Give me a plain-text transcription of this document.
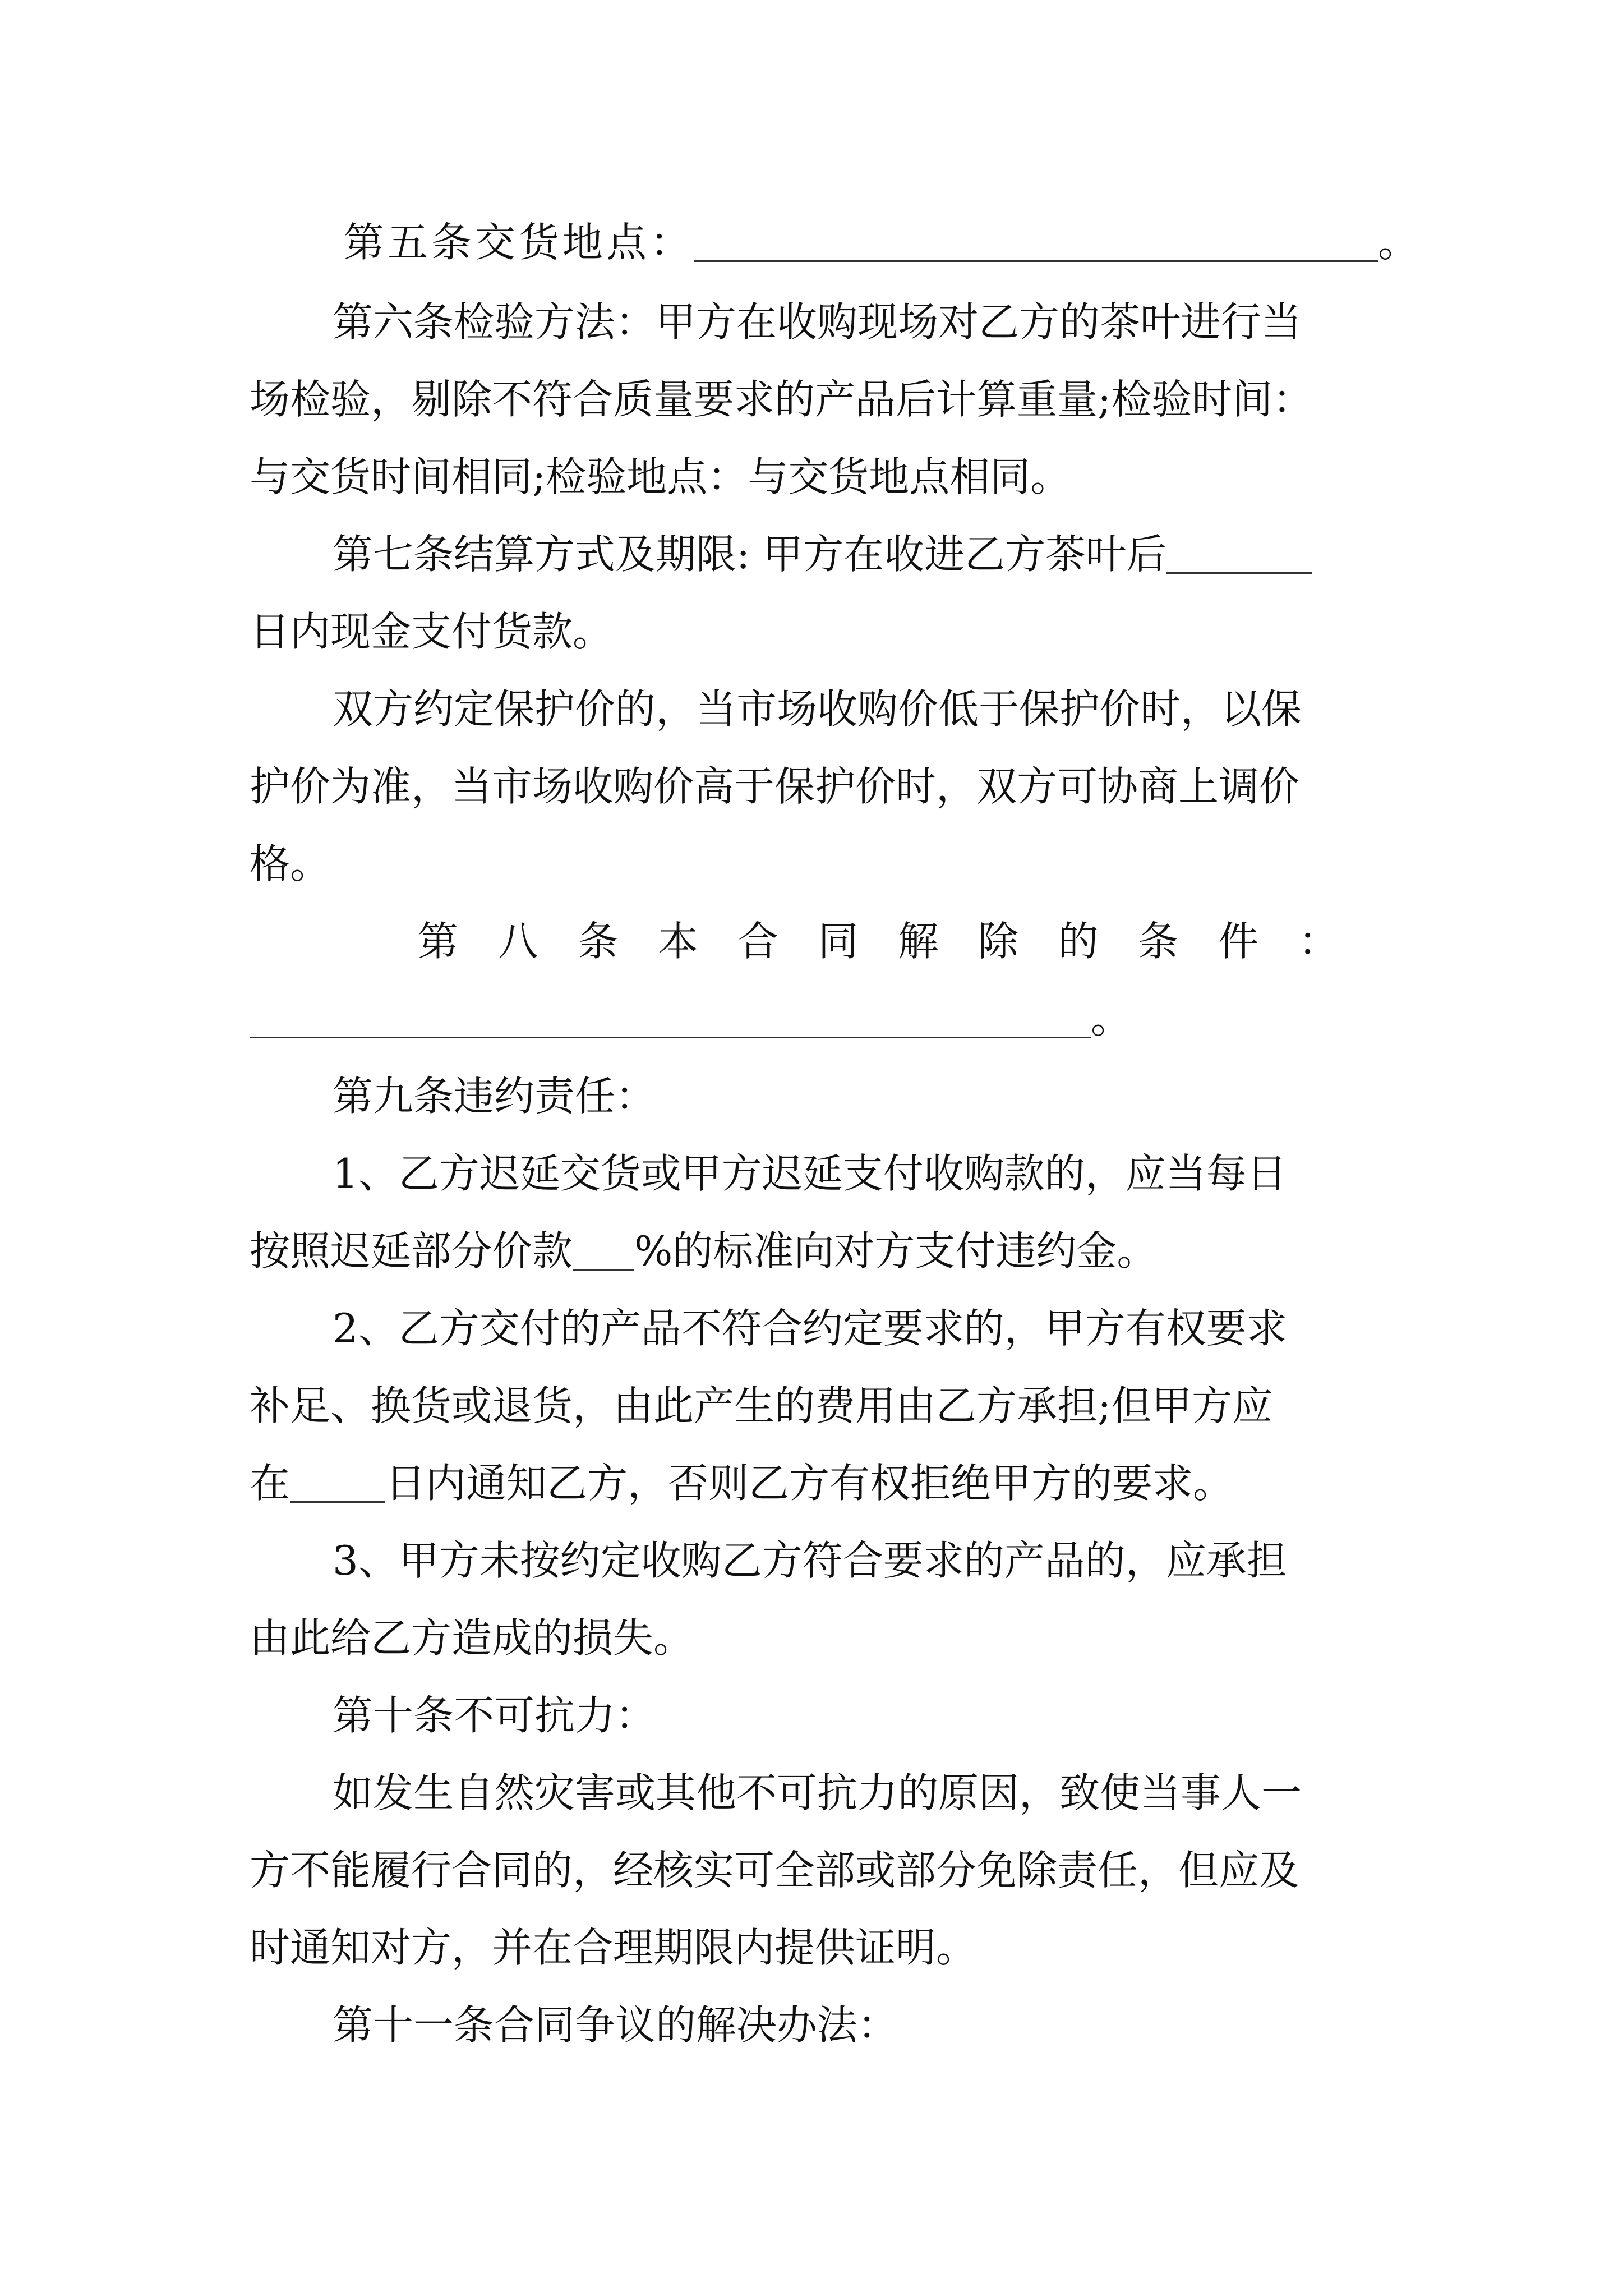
第五条交货地点：	。
第六条检验方法：甲方在收购现场对乙方的茶叶进行当
场检验，剔除不符合质量要求的产品后计算重量;检验时间：
与交货时间相同;检验地点：与交货地点相同。
第七条结算方式及期限: 甲方在收进乙方茶叶后
日内现金支付货款。
双方约定保护价的，当市场收购价低于保护价时，以保
护价为准，当市场收购价高于保护价时，双方可协商上调价
格。
第八条本合同解除的条件：
。
第九条违约责任：
1、乙方迟延交货或甲方迟延支付收购款的，应当每日
按照迟延部分价款 %的标准向对方支付违约金。
2、乙方交付的产品不符合约定要求的，甲方有权要求
补足、换货或退货，由此产生的费用由乙方承担;但甲方应
在 日内通知乙方，否则乙方有权拒绝甲方的要求。
3、甲方未按约定收购乙方符合要求的产品的，应承担
由此给乙方造成的损失。
第十条不可抗力：
如发生自然灾害或其他不可抗力的原因，致使当事人一
方不能履行合同的，经核实可全部或部分免除责任，但应及
时通知对方，并在合理期限内提供证明。
第十一条合同争议的解决办法：
